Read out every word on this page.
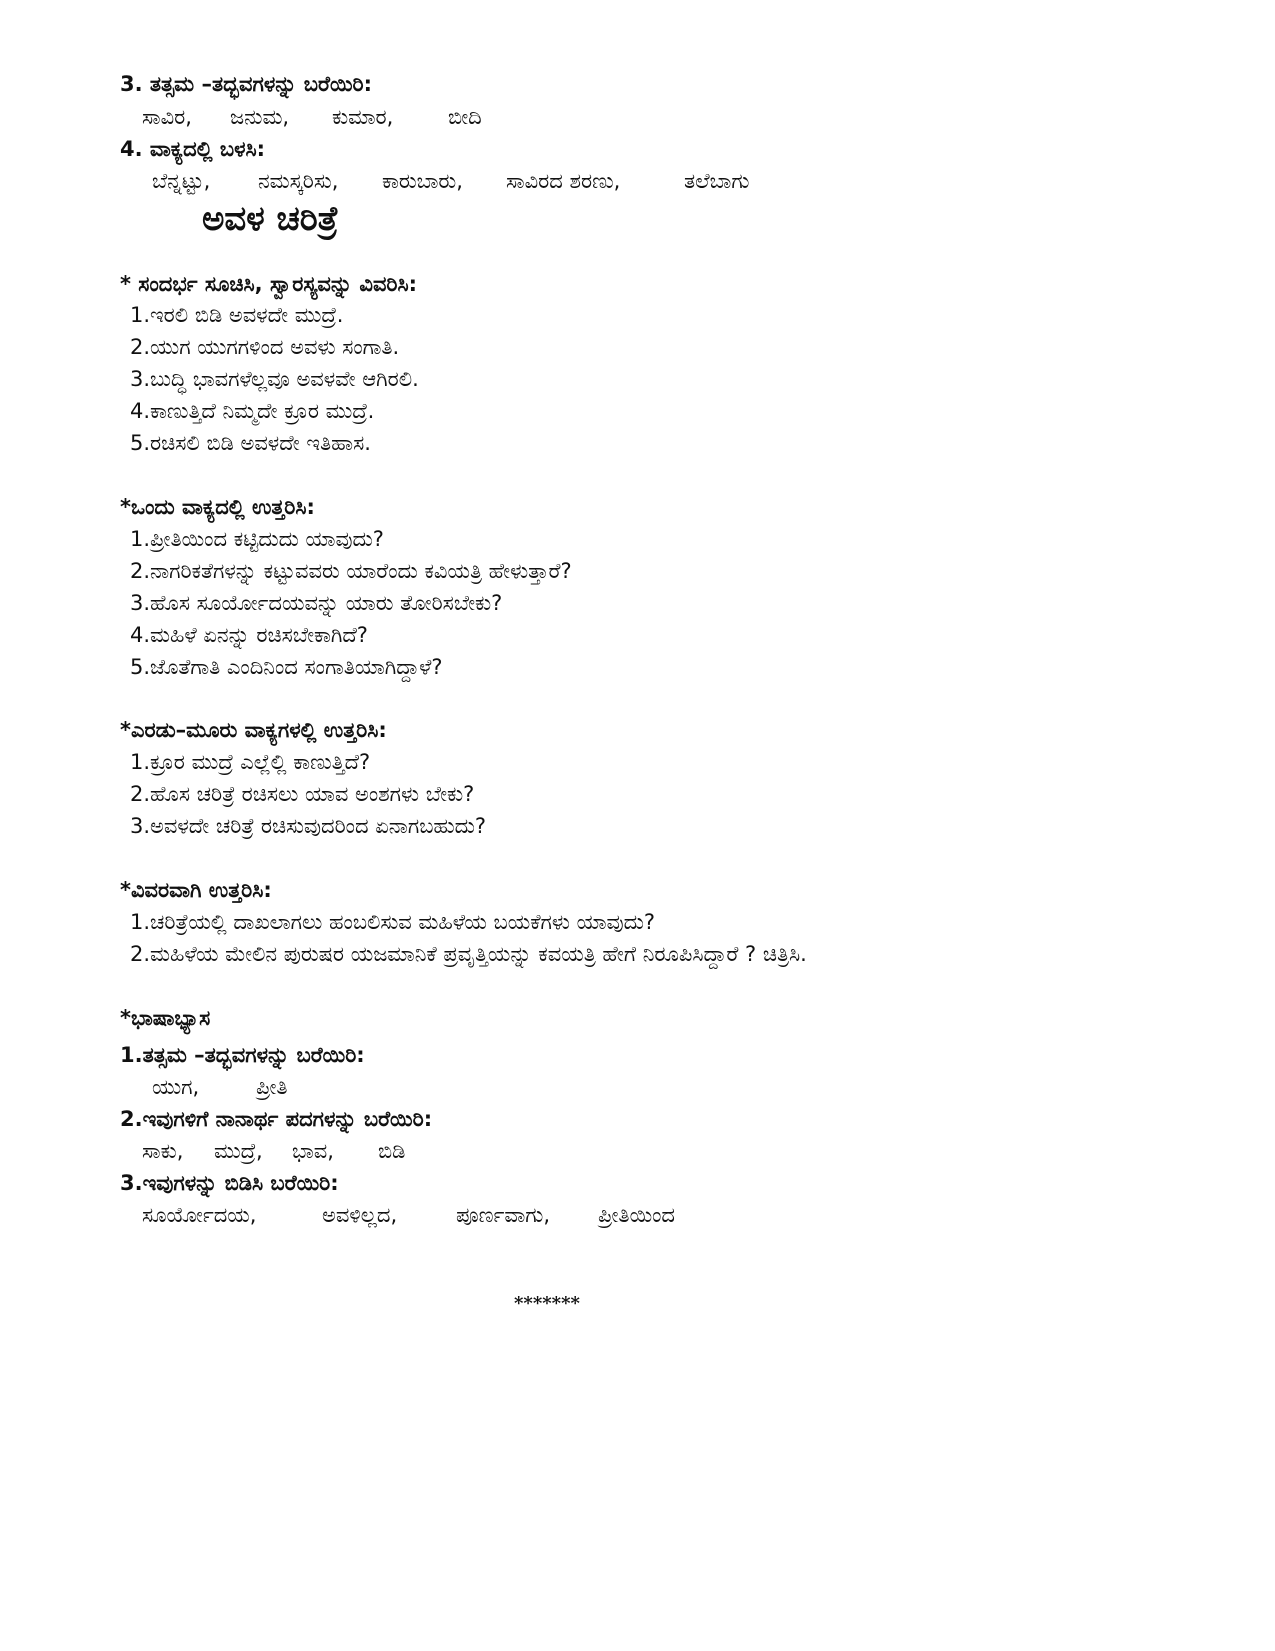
3. ತತ್ಸಮ –ತದ್ಭವಗಳನ್ನು ಬರೆಯಿರಿ:
ಸಾವಿರ, ಜನುಮ, ಕುಮಾರ,	ಬೀದಿ
4. ವಾಕ್ಯದಲ್ಲಿ ಬಳಸಿ:
ಬೆನ್ನಟ್ಟು, ನಮಸ್ಕರಿಸು, ಕಾರುಬಾರು, ಸಾವಿರದ ಶರಣು,	ತಲೆಬಾಗು
ಅವಳ ಚರಿತ್ರೆ
* ಸಂದರ್ಭ ಸೂಚಿಸಿ, ಸ್ವಾರಸ್ಯವನ್ನು ವಿವರಿಸಿ:
1.ಇರಲಿ ಬಿಡಿ ಅವಳದೇ ಮುದ್ರೆ.
2.ಯುಗ ಯುಗಗಳಿಂದ ಅವಳು ಸಂಗಾತಿ.
3.ಬುದ್ಧಿ ಭಾವಗಳೆಲ್ಲವೂ ಅವಳವೇ ಆಗಿರಲಿ.
4.ಕಾಣುತ್ತಿದೆ ನಿಮ್ಮದೇ ಕ್ರೂರ ಮುದ್ರೆ.
5.ರಚಿಸಲಿ ಬಿಡಿ ಅವಳದೇ ಇತಿಹಾಸ.
*ಒಂದು ವಾಕ್ಯದಲ್ಲಿ ಉತ್ತರಿಸಿ:
1.ಪ್ರೀತಿಯಿಂದ ಕಟ್ಟಿದುದು ಯಾವುದು?
2.ನಾಗರಿಕತೆಗಳನ್ನು ಕಟ್ಟುವವರು ಯಾರೆಂದು ಕವಿಯತ್ರಿ ಹೇಳುತ್ತಾರೆ?
3.ಹೊಸ ಸೂರ್ಯೋದಯವನ್ನು ಯಾರು ತೋರಿಸಬೇಕು?
4.ಮಹಿಳೆ ಏನನ್ನು ರಚಿಸಬೇಕಾಗಿದೆ?
5.ಜೊತೆಗಾತಿ ಎಂದಿನಿಂದ ಸಂಗಾತಿಯಾಗಿದ್ದಾಳೆ?
*ಎರಡು–ಮೂರು ವಾಕ್ಯಗಳಲ್ಲಿ ಉತ್ತರಿಸಿ:
1.ಕ್ರೂರ ಮುದ್ರೆ ಎಲ್ಲೆಲ್ಲಿ ಕಾಣುತ್ತಿದೆ?
2.ಹೊಸ ಚರಿತ್ರೆ ರಚಿಸಲು ಯಾವ ಅಂಶಗಳು ಬೇಕು?
3.ಅವಳದೇ ಚರಿತ್ರೆ ರಚಿಸುವುದರಿಂದ ಏನಾಗಬಹುದು?
*ವಿವರವಾಗಿ ಉತ್ತರಿಸಿ:
1.ಚರಿತ್ರೆಯಲ್ಲಿ ದಾಖಲಾಗಲು ಹಂಬಲಿಸುವ ಮಹಿಳೆಯ ಬಯಕೆಗಳು ಯಾವುದು?
2.ಮಹಿಳೆಯ ಮೇಲಿನ ಪುರುಷರ ಯಜಮಾನಿಕೆ ಪ್ರವೃತ್ತಿಯನ್ನು ಕವಯತ್ರಿ ಹೇಗೆ ನಿರೂಪಿಸಿದ್ದಾರೆ ? ಚಿತ್ರಿಸಿ.
*ಭಾಷಾಭ್ಯಾಸ
1.ತತ್ಸಮ –ತದ್ಭವಗಳನ್ನು ಬರೆಯಿರಿ:
ಯುಗ,	ಪ್ರೀತಿ
2.ಇವುಗಳಿಗೆ ನಾನಾರ್ಥ ಪದಗಳನ್ನು ಬರೆಯಿರಿ:
ಸಾಕು, ಮುದ್ರೆ, ಭಾವ, ಬಿಡಿ
3.ಇವುಗಳನ್ನು ಬಿಡಿಸಿ ಬರೆಯಿರಿ:
ಸೂರ್ಯೋದಯ,	ಅವಳಿಲ್ಲದ,	ಪೂರ್ಣವಾಗು, ಪ್ರೀತಿಯಿಂದ
*******
